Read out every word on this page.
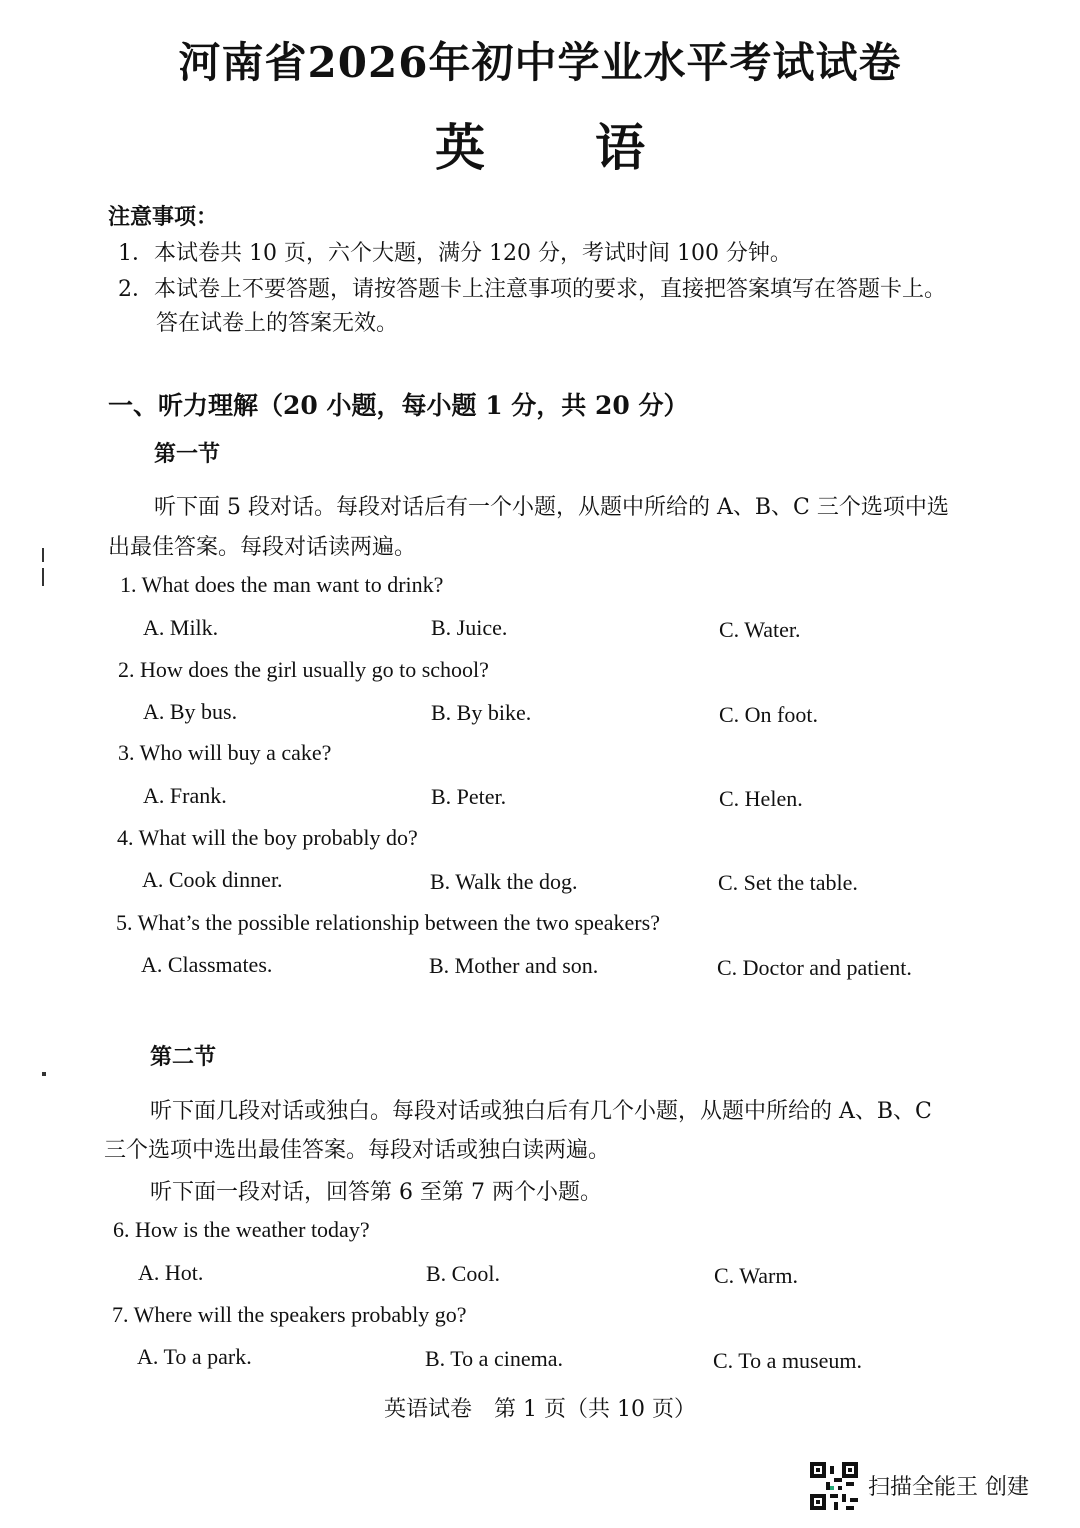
河南省2026年初中学业水平考试试卷
英 语
注意事项：
1．本试卷共 10 页，六个大题，满分 120 分，考试时间 100 分钟。
2．本试卷上不要答题，请按答题卡上注意事项的要求，直接把答案填写在答题卡上。
答在试卷上的答案无效。
一、听力理解（20 小题，每小题 1 分，共 20 分）
第一节
听下面 5 段对话。每段对话后有一个小题，从题中所给的 A、B、C 三个选项中选
出最佳答案。每段对话读两遍。
1. What does the man want to drink?
A. Milk.	B. Juice.	C. Water.
2. How does the girl usually go to school?
A. By bus.	B. By bike.	C. On foot.
3. Who will buy a cake?
A. Frank.	B. Peter.	C. Helen.
4. What will the boy probably do?
A. Cook dinner.	B. Walk the dog.	C. Set the table.
5. What’s the possible relationship between the two speakers?
A. Classmates.	B. Mother and son.	C. Doctor and patient.
第二节
听下面几段对话或独白。每段对话或独白后有几个小题，从题中所给的 A、B、C
三个选项中选出最佳答案。每段对话或独白读两遍。
听下面一段对话，回答第 6 至第 7 两个小题。
6. How is the weather today?
A. Hot.	B. Cool.	C. Warm.
7. Where will the speakers probably go?
A. To a park.	B. To a cinema.	C. To a museum.
英语试卷　第 1 页（共 10 页）
扫描全能王 创建
